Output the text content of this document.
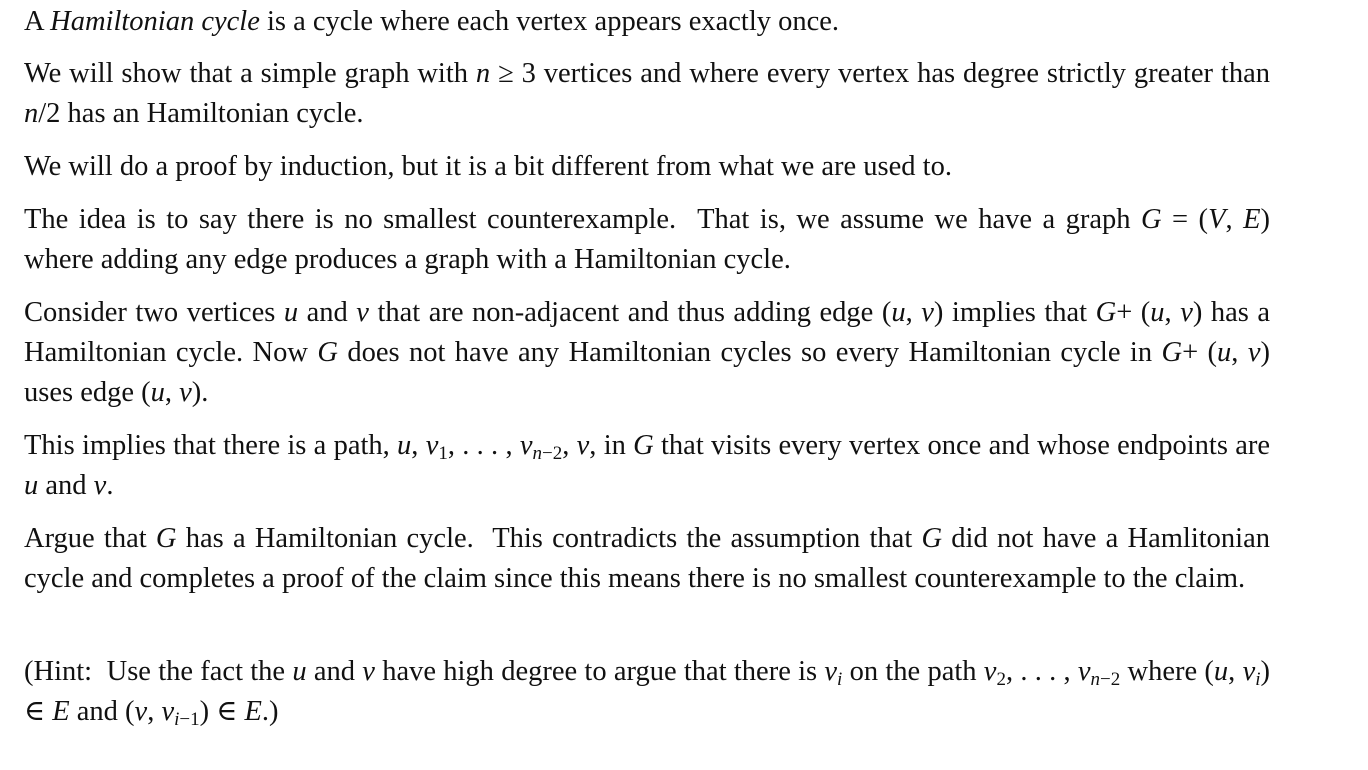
A Hamiltonian cycle is a cycle where each vertex appears exactly once.

We will show that a simple graph with n ≥ 3 vertices and where every vertex has degree strictly greater than n/2 has an Hamiltonian cycle.

We will do a proof by induction, but it is a bit different from what we are used to.

The idea is to say there is no smallest counterexample.  That is, we assume we have a graph G = (V, E) where adding any edge produces a graph with a Hamiltonian cycle.

Consider two vertices u and v that are non-adjacent and thus adding edge (u, v) implies that G+ (u, v) has a Hamiltonian cycle. Now G does not have any Hamiltonian cycles so every Hamiltonian cycle in G+ (u, v) uses edge (u, v).

This implies that there is a path, u, $v_1$, . . . , $v_{n-2}$, v, in G that visits every vertex once and whose endpoints are u and v.

Argue that G has a Hamiltonian cycle.  This contradicts the assumption that G did not have a Hamlitonian cycle and completes a proof of the claim since this means there is no smallest counterexample to the claim.

(Hint:  Use the fact the u and v have high degree to argue that there is $v_i$ on the path $v_2$, . . . , $v_{n-2}$ where (u, $v_i$) ∈ E and (v, $v_{i-1}$) ∈ E.)
